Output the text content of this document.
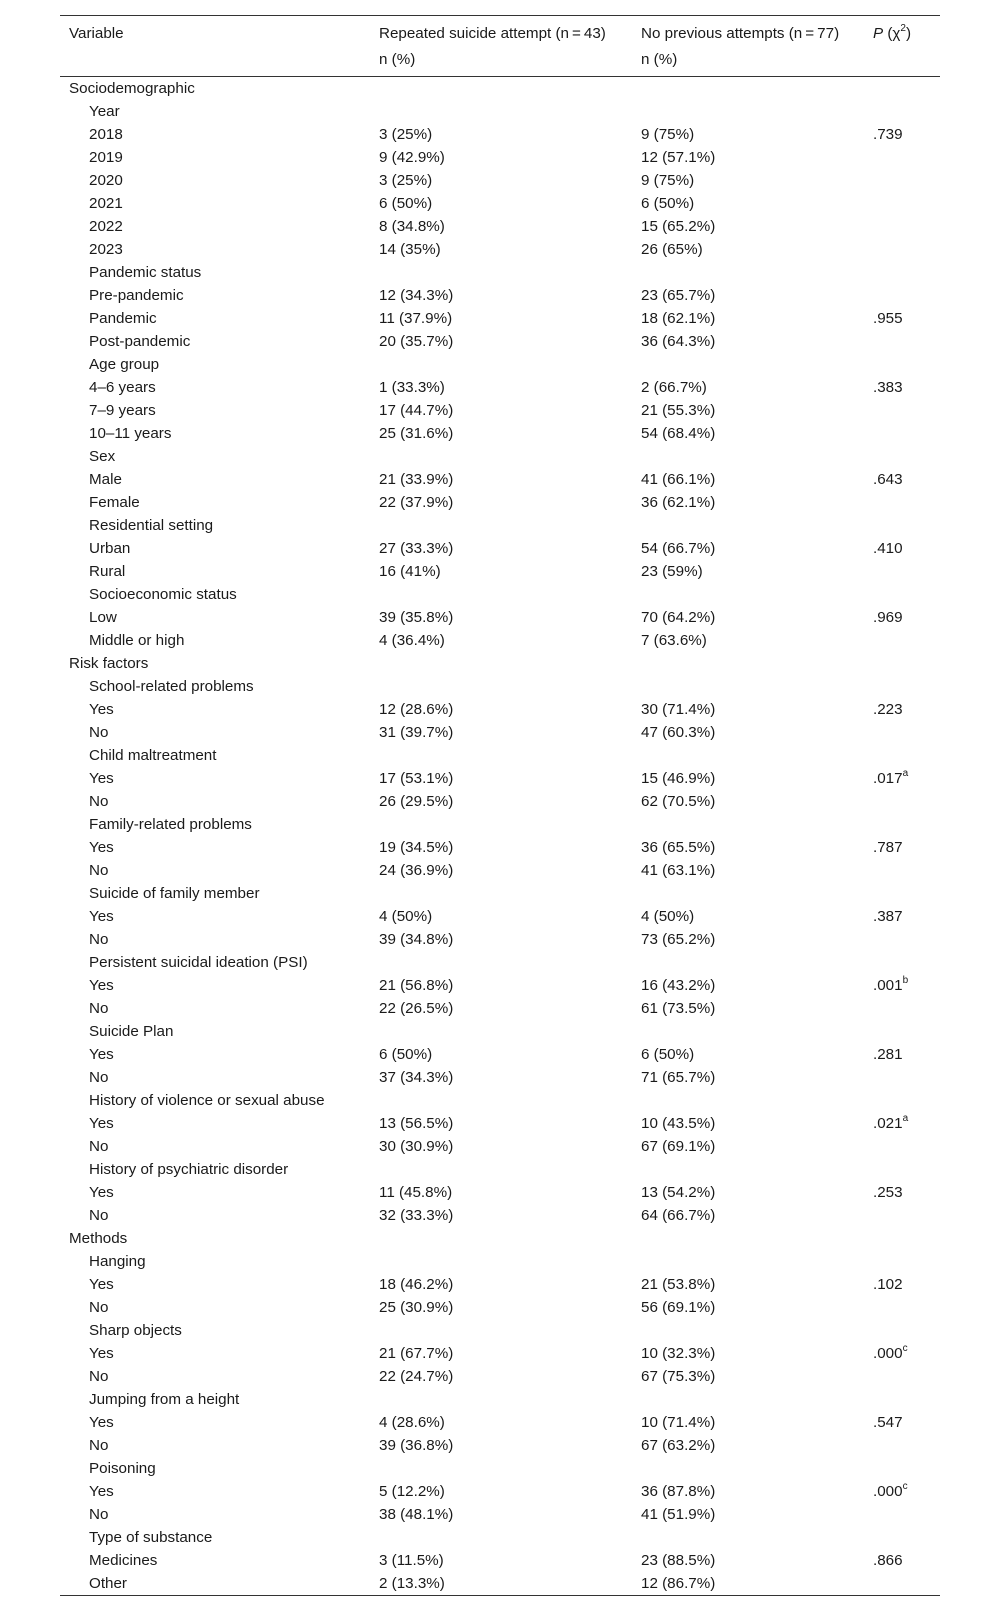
Variable	Repeated suicide attempt (n = 43)	No previous attempts (n = 77)	P $(\chi^2)$
	n (%)	n (%)	
Sociodemographic			
Year			
2018	3 (25%)	9 (75%)	.739
2019	9 (42.9%)	12 (57.1%)	
2020	3 (25%)	9 (75%)	
2021	6 (50%)	6 (50%)	
2022	8 (34.8%)	15 (65.2%)	
2023	14 (35%)	26 (65%)	
Pandemic status			
Pre-pandemic	12 (34.3%)	23 (65.7%)	
Pandemic	11 (37.9%)	18 (62.1%)	.955
Post-pandemic	20 (35.7%)	36 (64.3%)	
Age group			
4–6 years	1 (33.3%)	2 (66.7%)	.383
7–9 years	17 (44.7%)	21 (55.3%)	
10–11 years	25 (31.6%)	54 (68.4%)	
Sex			
Male	21 (33.9%)	41 (66.1%)	.643
Female	22 (37.9%)	36 (62.1%)	
Residential setting			
Urban	27 (33.3%)	54 (66.7%)	.410
Rural	16 (41%)	23 (59%)	
Socioeconomic status			
Low	39 (35.8%)	70 (64.2%)	.969
Middle or high	4 (36.4%)	7 (63.6%)	
Risk factors			
School-related problems			
Yes	12 (28.6%)	30 (71.4%)	.223
No	31 (39.7%)	47 (60.3%)	
Child maltreatment			
Yes	17 (53.1%)	15 (46.9%)	.017$^a$
No	26 (29.5%)	62 (70.5%)	
Family-related problems			
Yes	19 (34.5%)	36 (65.5%)	.787
No	24 (36.9%)	41 (63.1%)	
Suicide of family member			
Yes	4 (50%)	4 (50%)	.387
No	39 (34.8%)	73 (65.2%)	
Persistent suicidal ideation (PSI)			
Yes	21 (56.8%)	16 (43.2%)	.001$^b$
No	22 (26.5%)	61 (73.5%)	
Suicide Plan			
Yes	6 (50%)	6 (50%)	.281
No	37 (34.3%)	71 (65.7%)	
History of violence or sexual abuse			
Yes	13 (56.5%)	10 (43.5%)	.021$^a$
No	30 (30.9%)	67 (69.1%)	
History of psychiatric disorder			
Yes	11 (45.8%)	13 (54.2%)	.253
No	32 (33.3%)	64 (66.7%)	
Methods			
Hanging			
Yes	18 (46.2%)	21 (53.8%)	.102
No	25 (30.9%)	56 (69.1%)	
Sharp objects			
Yes	21 (67.7%)	10 (32.3%)	.000$^c$
No	22 (24.7%)	67 (75.3%)	
Jumping from a height			
Yes	4 (28.6%)	10 (71.4%)	.547
No	39 (36.8%)	67 (63.2%)	
Poisoning			
Yes	5 (12.2%)	36 (87.8%)	.000$^c$
No	38 (48.1%)	41 (51.9%)	
Type of substance			
Medicines	3 (11.5%)	23 (88.5%)	.866
Other	2 (13.3%)	12 (86.7%)	
